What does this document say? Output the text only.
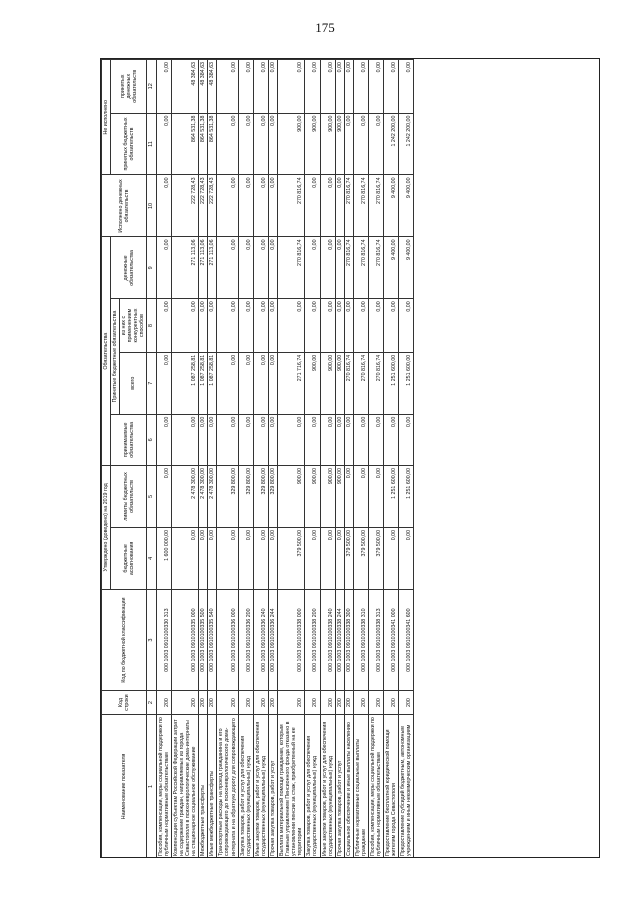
175
Наименование показателя	Код строки	Код по бюджетной классификации	Утверждено (доведено) на 2019 год		Обязательства				Исполнено денежных обязательств	Не исполнено	
			бюджетные ассигнования	лимиты бюджетных обязательств	принимаемые обязательства	Принятые бюджетные обязательства		денежные обязательства		принятых бюджетных обязательств	принятых денежных обязательств
						всего	из них с применением конкурентных способов				
1	2	3	4	5	6	7	8	9	10	11	12
Пособия, компенсации, меры социальной поддержки по публичным нормативным обязательствам	200	000 1003 0910100330 313	1 600 000,00	0,00	0,00	0,00	0,00	0,00	0,00	0,00	0,00
Компенсация субъектам Российской Федерации затрат на содержание граждан, направляемых из города Севастополя в психоневрологические дома-интернаты на стационарное социальное обслуживание	200	000 1003 0910100335 000	0,00	2 478 300,00	0,00	1 087 258,81	0,00	271 113,06	222 728,43	864 531,38	48 384,63
Межбюджетные трансферты	200	000 1003 0910100335 500	0,00	2 478 300,00	0,00	1 087 258,81	0,00	271 113,06	222 728,43	864 531,38	48 384,63
Иные межбюджетные трансферты	200	000 1003 0910100335 540	0,00	2 478 300,00	0,00	1 087 258,81	0,00	271 113,06	222 728,43	864 531,38	48 384,63
Транспортные расходы на проезд гражданина и его сопровождающего до психоневрологического дома-интерната и на обратную дорогу для сопровождающего	200	000 1003 0910100336 000	0,00	329 800,00	0,00	0,00	0,00	0,00	0,00	0,00	0,00
Закупка товаров, работ и услуг для обеспечения государственных (муниципальных) нужд	200	000 1003 0910100336 200	0,00	329 800,00	0,00	0,00	0,00	0,00	0,00	0,00	0,00
Иные закупки товаров, работ и услуг для обеспечения государственных (муниципальных) нужд	200	000 1003 0910100336 240	0,00	329 800,00	0,00	0,00	0,00	0,00	0,00	0,00	0,00
Прочая закупка товаров, работ и услуг	200	000 1003 0910100336 244	0,00	329 800,00	0,00	0,00	0,00	0,00	0,00	0,00	0,00
Выплата материальной помощи гражданам, которым Главным управлением Пенсионного фонда отказано в установлении пенсии за стаж, приобретенный на ее территории	200	000 1003 0910100338 000	379 500,00	900,00	0,00	271 716,74	0,00	270 816,74	270 816,74	900,00	0,00
Закупка товаров, работ и услуг для обеспечения государственных (муниципальных) нужд	200	000 1003 0910100338 200	0,00	900,00	0,00	900,00	0,00	0,00	0,00	900,00	0,00
Иные закупки товаров, работ и услуг для обеспечения государственных (муниципальных) нужд	200	000 1003 0910100338 240	0,00	900,00	0,00	900,00	0,00	0,00	0,00	900,00	0,00
Прочая закупка товаров, работ и услуг	200	000 1003 0910100338 244	0,00	900,00	0,00	900,00	0,00	0,00	0,00	900,00	0,00
Социальное обеспечение и иные выплаты населению	200	000 1003 0910100338 300	379 500,00	0,00	0,00	270 816,74	0,00	270 816,74	270 816,74	0,00	0,00
Публичные нормативные социальные выплаты гражданам	200	000 1003 0910100338 310	379 500,00	0,00	0,00	270 816,74	0,00	270 816,74	270 816,74	0,00	0,00
Пособия, компенсации, меры социальной поддержки по публичным нормативным обязательствам	200	000 1003 0910100338 313	379 500,00	0,00	0,00	270 816,74	0,00	270 816,74	270 816,74	0,00	0,00
Предоставление бесплатной юридической помощи жителям города Севастополя	200	000 1003 0910100341 000	0,00	1 251 600,00	0,00	1 251 600,00	0,00	9 400,00	9 400,00	1 242 200,00	0,00
Предоставление субсидий бюджетным, автономным учреждениям и иным некоммерческим организациям	200	000 1003 0910100341 600	0,00	1 251 600,00	0,00	1 251 600,00	0,00	9 400,00	9 400,00	1 242 200,00	0,00
